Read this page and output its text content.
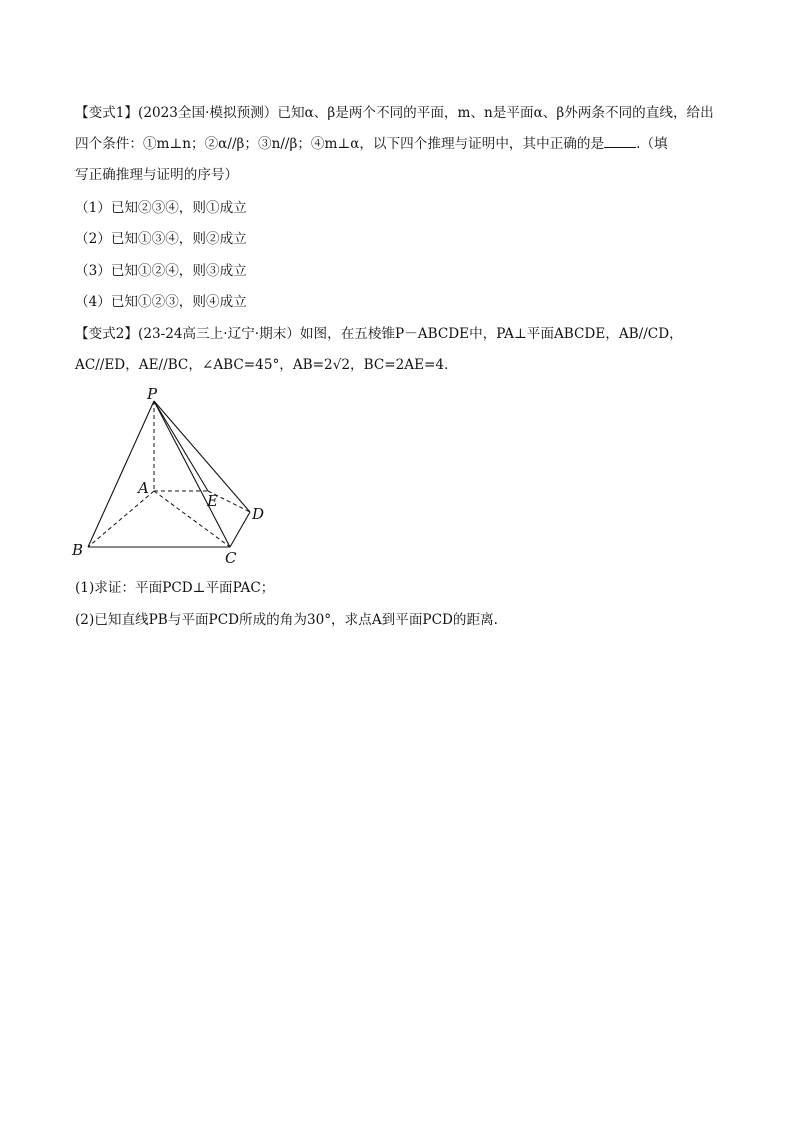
【变式1】(2023全国·模拟预测）已知α、β是两个不同的平面，m、n是平面α、β外两条不同的直线，给出
四个条件：①m⊥n；②α//β；③n//β；④m⊥α，以下四个推理与证明中，其中正确的是 .（填
写正确推理与证明的序号）
（1）已知②③④，则①成立
（2）已知①③④，则②成立
（3）已知①②④，则③成立
（4）已知①②③，则④成立
【变式2】(23-24高三上·辽宁·期末）如图，在五棱锥P－ABCDE中，PA⊥平面ABCDE，AB//CD，
AC//ED，AE//BC，∠ABC=45°，AB=2√2，BC=2AE=4．
P
A
E
D
B	C
(1)求证：平面PCD⊥平面PAC；
(2)已知直线PB与平面PCD所成的角为30°，求点A到平面PCD的距离.
